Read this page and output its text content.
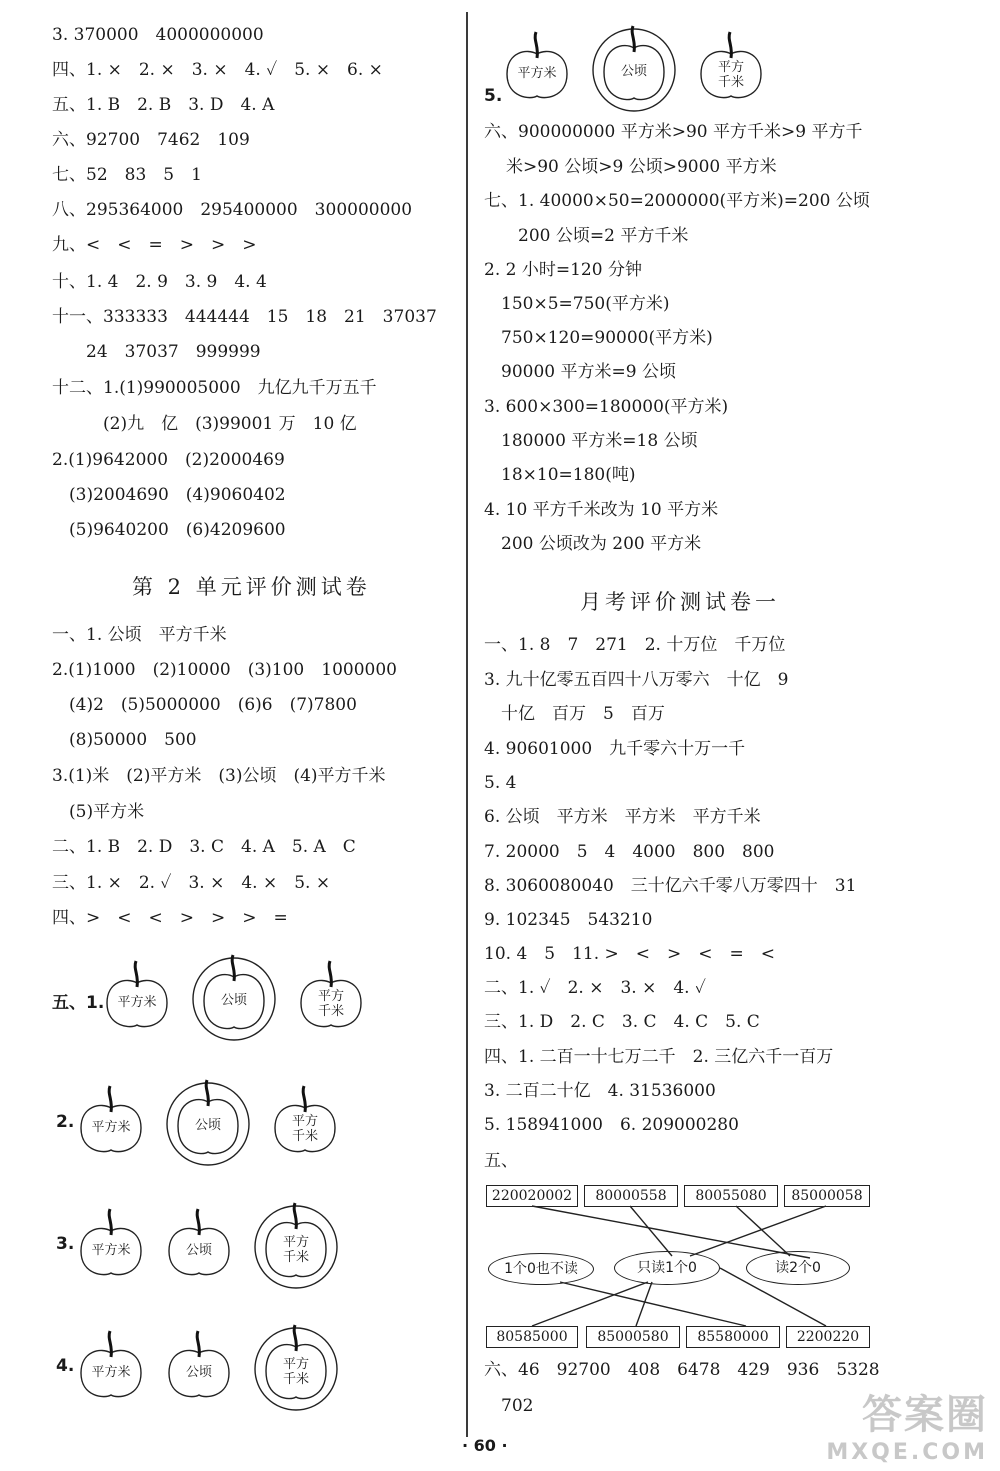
3. 370000　4000000000
四、1. ×　2. ×　3. ×　4. ✓　5. ×　6. ×
五、1. B　2. B　3. D　4. A
六、92700　7462　109
七、52　83　5　1
八、295364000　295400000　300000000
九、<　<　=　>　>　>
十、1. 4　2. 9　3. 9　4. 4
十一、333333　444444　15　18　21　37037
　　24　37037　999999
十二、1.(1)990005000　九亿九千万五千
　　　(2)九　亿　(3)99001 万　10 亿
2.(1)9642000　(2)2000469
　(3)2004690　(4)9060402
　(5)9640200　(6)4209600
第 2 单元评价测试卷
一、1. 公顷　平方千米
2.(1)1000　(2)10000　(3)100　1000000
　(4)2　(5)5000000　(6)6　(7)7800
　(8)50000　500
3.(1)米　(2)平方米　(3)公顷　(4)平方千米
　(5)平方米
二、1. B　2. D　3. C　4. A　5. A　C
三、1. ×　2. ✓　3. ×　4. ×　5. ×
四、>　<　<　>　>　>　=
五、1.	平方米	公顷	平方
千米
2.	平方米	公顷	平方
千米
3.	平方米	公顷
平方
千米
4.	平方米	公顷
平方
千米
5.
平方米	公顷	平方
千米
六、900000000 平方米>90 平方千米>9 平方千
米>90 公顷>9 公顷>9000 平方米
七、1. 40000×50=2000000(平方米)=200 公顷
　　200 公顷=2 平方千米
2. 2 小时=120 分钟
　150×5=750(平方米)
　750×120=90000(平方米)
　90000 平方米=9 公顷
3. 600×300=180000(平方米)
　180000 平方米=18 公顷
　18×10=180(吨)
4. 10 平方千米改为 10 平方米
　200 公顷改为 200 平方米
月考评价测试卷一
一、1. 8　7　271　2. 十万位　千万位
3. 九十亿零五百四十八万零六　十亿　9
　十亿　百万　5　百万
4. 90601000　九千零六十万一千
5. 4
6. 公顷　平方米　平方米　平方千米
7. 20000　5　4　4000　800　800
8. 3060080040　三十亿六千零八万零四十　31
9. 102345　543210
10. 4　5　11. >　<　>　<　=　<
二、1. ✓　2. ×　3. ×　4. ✓
三、1. D　2. C　3. C　4. C　5. C
四、1. 二百一十七万二千　2. 三亿六千一百万
3. 二百二十亿　4. 31536000
5. 158941000　6. 209000280
五、
六、46　92700　408　6478　429　936　5328
　702
220020002	80000558	80055080	85000058
1个0也不读	只读1个0	读2个0
80585000	85000580	85580000	2200220
· 60 ·
答案圈
MXQE.COM
